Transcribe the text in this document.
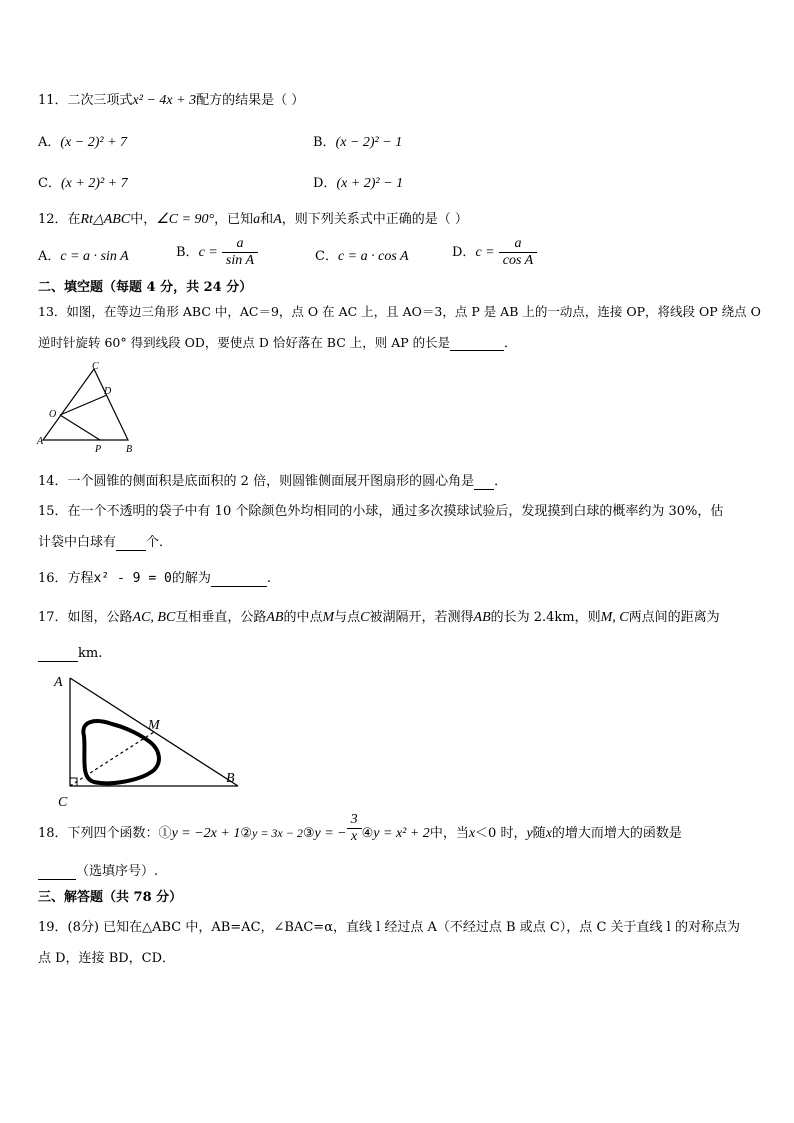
11．二次三项式x² − 4x + 3配方的结果是（ ）
A．(x − 2)² + 7	B．(x − 2)² − 1
C．(x + 2)² + 7	D．(x + 2)² − 1
12．在Rt△ABC中，∠C = 90°，已知a和A，则下列关系式中正确的是（ ）
A．c = a · sin A	B．$c = \frac{a}{\text{sin A}}$	C．c = a · cos A	D．$c = \frac{a}{\text{cos A}}$
二、填空题（每题 4 分，共 24 分）
13．如图，在等边三角形 ABC 中，AC＝9，点 O 在 AC 上，且 AO＝3，点 P 是 AB 上的一动点，连接 OP，将线段 OP 绕点 O
逆时针旋转 60° 得到线段 OD，要使点 D 恰好落在 BC 上，则 AP 的长是	．
C
D
O
A
P B
14．一个圆锥的侧面积是底面积的 2 倍，则圆锥侧面展开图扇形的圆心角是 ．
15．在一个不透明的袋子中有 10 个除颜色外均相同的小球，通过多次摸球试验后，发现摸到白球的概率约为 30%，估
计袋中白球有 个．
16．方程x² - 9 = 0的解为	.
17．如图，公路AC, BC互相垂直，公路AB的中点M与点C被湖隔开，若测得AB的长为 2.4km，则M, C两点间的距离为
km.
A
M
B
C
18．下列四个函数：①y = −2x + 1②y = 3x − 2③y = − $\frac{3}{x}$ ④y = x² + 2中，当x＜0 时，y随x的增大而增大的函数是
（选填序号）.
三、解答题（共 78 分）
19．(8分) 已知在△ABC 中，AB=AC，∠BAC=α，直线 l 经过点 A（不经过点 B 或点 C），点 C 关于直线 l 的对称点为
点 D，连接 BD，CD．
